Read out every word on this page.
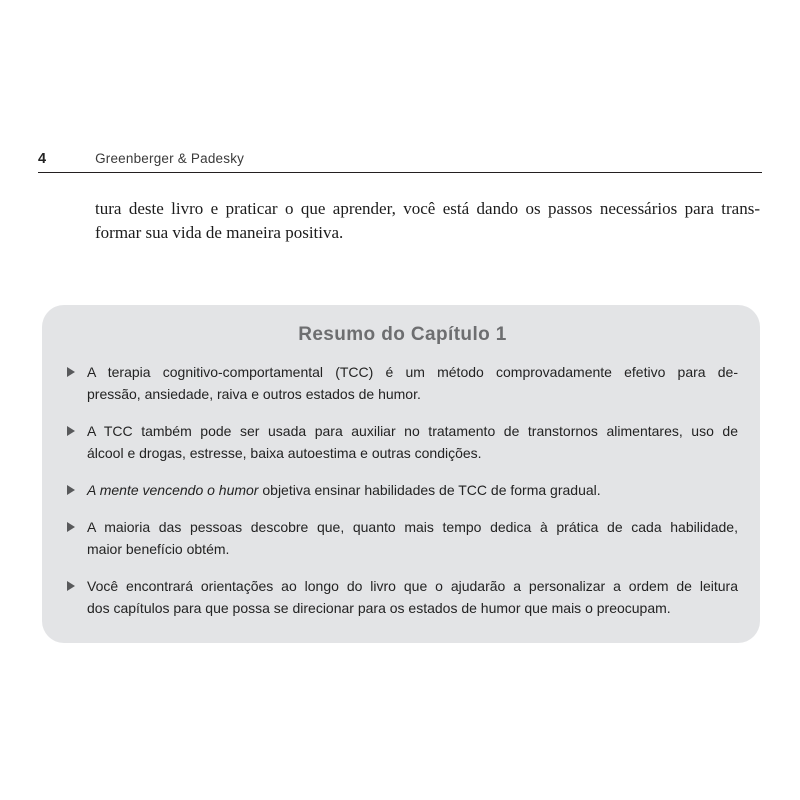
4	Greenberger & Padesky
tura deste livro e praticar o que aprender, você está dando os passos necessários para trans-
formar sua vida de maneira positiva.
Resumo do Capítulo 1
A terapia cognitivo-comportamental (TCC) é um método comprovadamente efetivo para de-
pressão, ansiedade, raiva e outros estados de humor.
A TCC também pode ser usada para auxiliar no tratamento de transtornos alimentares, uso de
álcool e drogas, estresse, baixa autoestima e outras condições.
A mente vencendo o humor objetiva ensinar habilidades de TCC de forma gradual.
A maioria das pessoas descobre que, quanto mais tempo dedica à prática de cada habilidade,
maior benefício obtém.
Você encontrará orientações ao longo do livro que o ajudarão a personalizar a ordem de leitura
dos capítulos para que possa se direcionar para os estados de humor que mais o preocupam.
